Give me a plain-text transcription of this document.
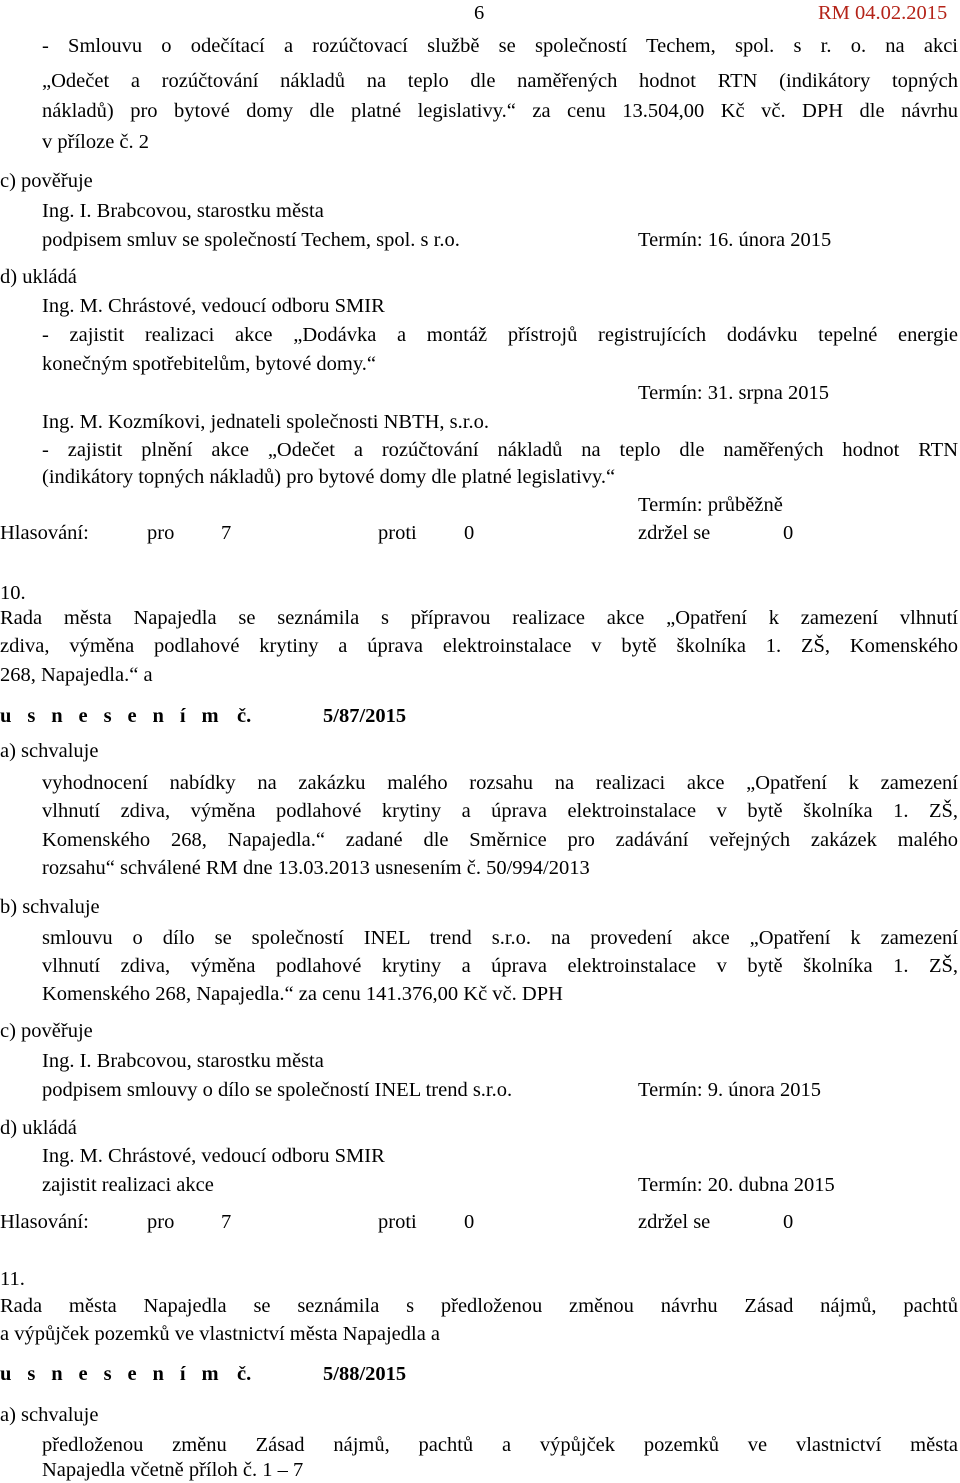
6	RM 04.02.2015
- Smlouvu o odečítací a rozúčtovací službě se společností Techem, spol. s r. o. na akci
„Odečet a rozúčtování nákladů na teplo dle naměřených hodnot RTN (indikátory topných
nákladů) pro bytové domy dle platné legislativy.“ za cenu 13.504,00 Kč vč. DPH dle návrhu
v příloze č. 2
c) pověřuje
Ing. I. Brabcovou, starostku města
podpisem smluv se společností Techem, spol. s r.o.	Termín: 16. února 2015
d) ukládá
Ing. M. Chrástové, vedoucí odboru SMIR
- zajistit realizaci akce „Dodávka a montáž přístrojů registrujících dodávku tepelné energie
konečným spotřebitelům, bytové domy.“
Termín: 31. srpna 2015
Ing. M. Kozmíkovi, jednateli společnosti NBTH, s.r.o.
- zajistit plnění akce „Odečet a rozúčtování nákladů na teplo dle naměřených hodnot RTN
(indikátory topných nákladů) pro bytové domy dle platné legislativy.“
Termín: průběžně
Hlasování:	pro 7	proti 0	zdržel se	0
10.
Rada města Napajedla se seznámila s přípravou realizace akce „Opatření k zamezení vlhnutí
zdiva, výměna podlahové krytiny a úprava elektroinstalace v bytě školníka 1. ZŠ, Komenského
268, Napajedla.“ a
u s n e s e n í m č.	5/87/2015
a) schvaluje
vyhodnocení nabídky na zakázku malého rozsahu na realizaci akce „Opatření k zamezení
vlhnutí zdiva, výměna podlahové krytiny a úprava elektroinstalace v bytě školníka 1. ZŠ,
Komenského 268, Napajedla.“ zadané dle Směrnice pro zadávání veřejných zakázek malého
rozsahu“ schválené RM dne 13.03.2013 usnesením č. 50/994/2013
b) schvaluje
smlouvu o dílo se společností INEL trend s.r.o. na provedení akce „Opatření k zamezení
vlhnutí zdiva, výměna podlahové krytiny a úprava elektroinstalace v bytě školníka 1. ZŠ,
Komenského 268, Napajedla.“ za cenu 141.376,00 Kč vč. DPH
c) pověřuje
Ing. I. Brabcovou, starostku města
podpisem smlouvy o dílo se společností INEL trend s.r.o.	Termín: 9. února 2015
d) ukládá
Ing. M. Chrástové, vedoucí odboru SMIR
zajistit realizaci akce	Termín: 20. dubna 2015
Hlasování:	pro 7	proti 0	zdržel se	0
11.
Rada města Napajedla se seznámila s předloženou změnou návrhu Zásad nájmů, pachtů
a výpůjček pozemků ve vlastnictví města Napajedla a
u s n e s e n í m č.	5/88/2015
a) schvaluje
předloženou změnu Zásad nájmů, pachtů a výpůjček pozemků ve vlastnictví města
Napajedla včetně příloh č. 1 – 7
